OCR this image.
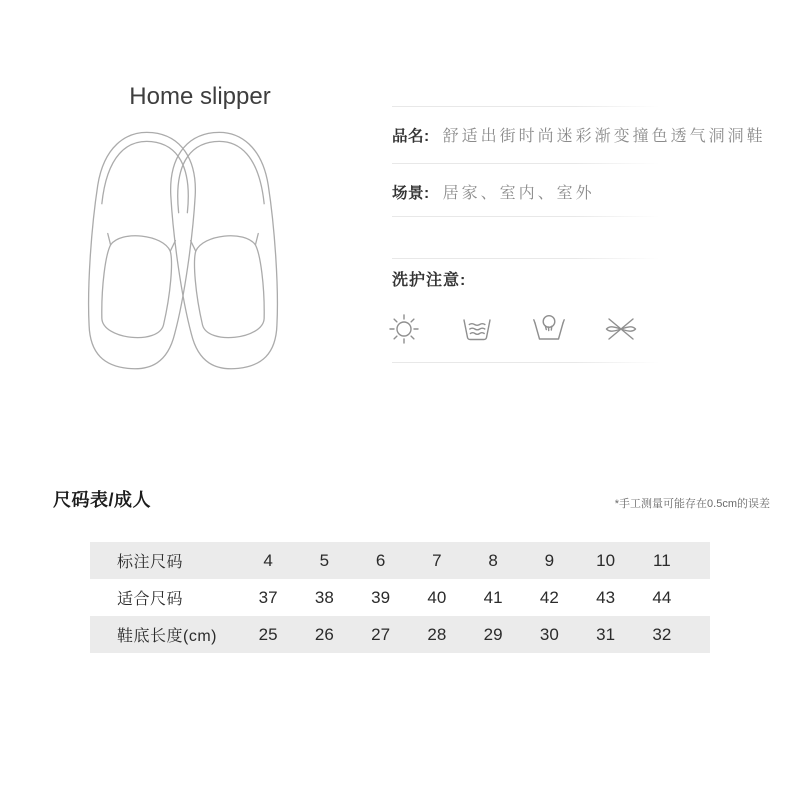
Home slipper
品名: 舒适出街时尚迷彩渐变撞色透气洞洞鞋
场景: 居家、室内、室外
洗护注意:
尺码表/成人	*手工测量可能存在0.5cm的误差
标注尺码	4	5	6	7	8	9	10	11
适合尺码	37	38	39	40	41	42	43	44
鞋底长度(cm)	25	26	27	28	29	30	31	32
